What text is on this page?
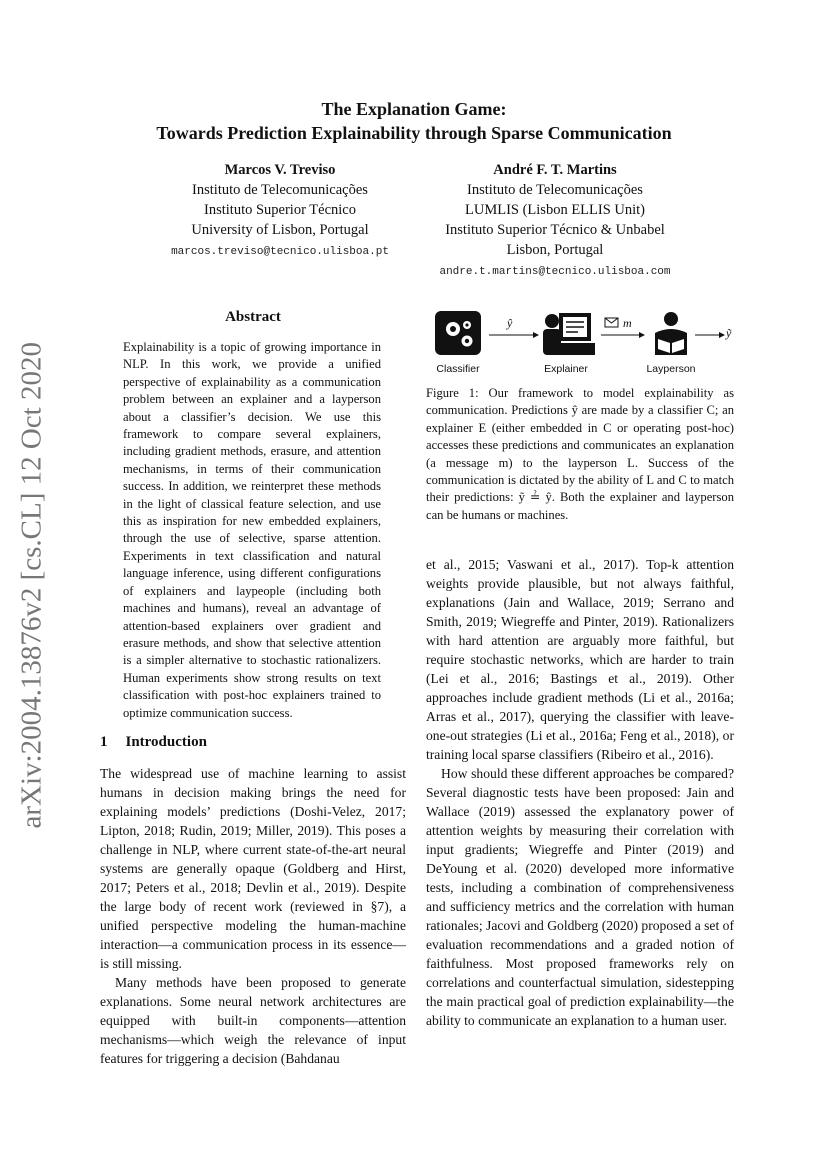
arXiv:2004.13876v2 [cs.CL] 12 Oct 2020
The Explanation Game:
Towards Prediction Explainability through Sparse Communication
Marcos V. Treviso
Instituto de Telecomunicações
Instituto Superior Técnico
University of Lisbon, Portugal
marcos.treviso@tecnico.ulisboa.pt
André F. T. Martins
Instituto de Telecomunicações
LUMLIS (Lisbon ELLIS Unit)
Instituto Superior Técnico & Unbabel
Lisbon, Portugal
andre.t.martins@tecnico.ulisboa.com
Abstract
Explainability is a topic of growing importance in NLP. In this work, we provide a unified perspective of explainability as a communication problem between an explainer and a layperson about a classifier’s decision. We use this framework to compare several explainers, including gradient methods, erasure, and attention mechanisms, in terms of their communication success. In addition, we reinterpret these methods in the light of classical feature selection, and use this as inspiration for new embedded explainers, through the use of selective, sparse attention. Experiments in text classification and natural language inference, using different configurations of explainers and laypeople (including both machines and humans), reveal an advantage of attention-based explainers over gradient and erasure methods, and show that selective attention is a simpler alternative to stochastic rationalizers. Human experiments show strong results on text classification with post-hoc explainers trained to optimize communication success.
1 Introduction

The widespread use of machine learning to assist humans in decision making brings the need for explaining models’ predictions (Doshi-Velez, 2017; Lipton, 2018; Rudin, 2019; Miller, 2019). This poses a challenge in NLP, where current state-of-the-art neural systems are generally opaque (Goldberg and Hirst, 2017; Peters et al., 2018; Devlin et al., 2019). Despite the large body of recent work (reviewed in §7), a unified perspective modeling the human-machine interaction—a communication process in its essence—is still missing.

Many methods have been proposed to generate explanations. Some neural network architectures are equipped with built-in components—attention mechanisms—which weigh the relevance of input features for triggering a decision (Bahdanau

ŷ	m
ỹ
Classifier	Explainer	Layperson
Figure 1: Our framework to model explainability as communication. Predictions ŷ are made by a classifier C; an explainer E (either embedded in C or operating post-hoc) accesses these predictions and communicates an explanation (a message m) to the layperson L. Success of the communication is dictated by the ability of L and C to match their predictions: ỹ ≟ ŷ. Both the explainer and layperson can be humans or machines.

et al., 2015; Vaswani et al., 2017). Top-k attention weights provide plausible, but not always faithful, explanations (Jain and Wallace, 2019; Serrano and Smith, 2019; Wiegreffe and Pinter, 2019). Rationalizers with hard attention are arguably more faithful, but require stochastic networks, which are harder to train (Lei et al., 2016; Bastings et al., 2019). Other approaches include gradient methods (Li et al., 2016a; Arras et al., 2017), querying the classifier with leave-one-out strategies (Li et al., 2016a; Feng et al., 2018), or training local sparse classifiers (Ribeiro et al., 2016).

How should these different approaches be compared? Several diagnostic tests have been proposed: Jain and Wallace (2019) assessed the explanatory power of attention weights by measuring their correlation with input gradients; Wiegreffe and Pinter (2019) and DeYoung et al. (2020) developed more informative tests, including a combination of comprehensiveness and sufficiency metrics and the correlation with human rationales; Jacovi and Goldberg (2020) proposed a set of evaluation recommendations and a graded notion of faithfulness. Most proposed frameworks rely on correlations and counterfactual simulation, sidestepping the main practical goal of prediction explainability—the ability to communicate an explanation to a human user.
